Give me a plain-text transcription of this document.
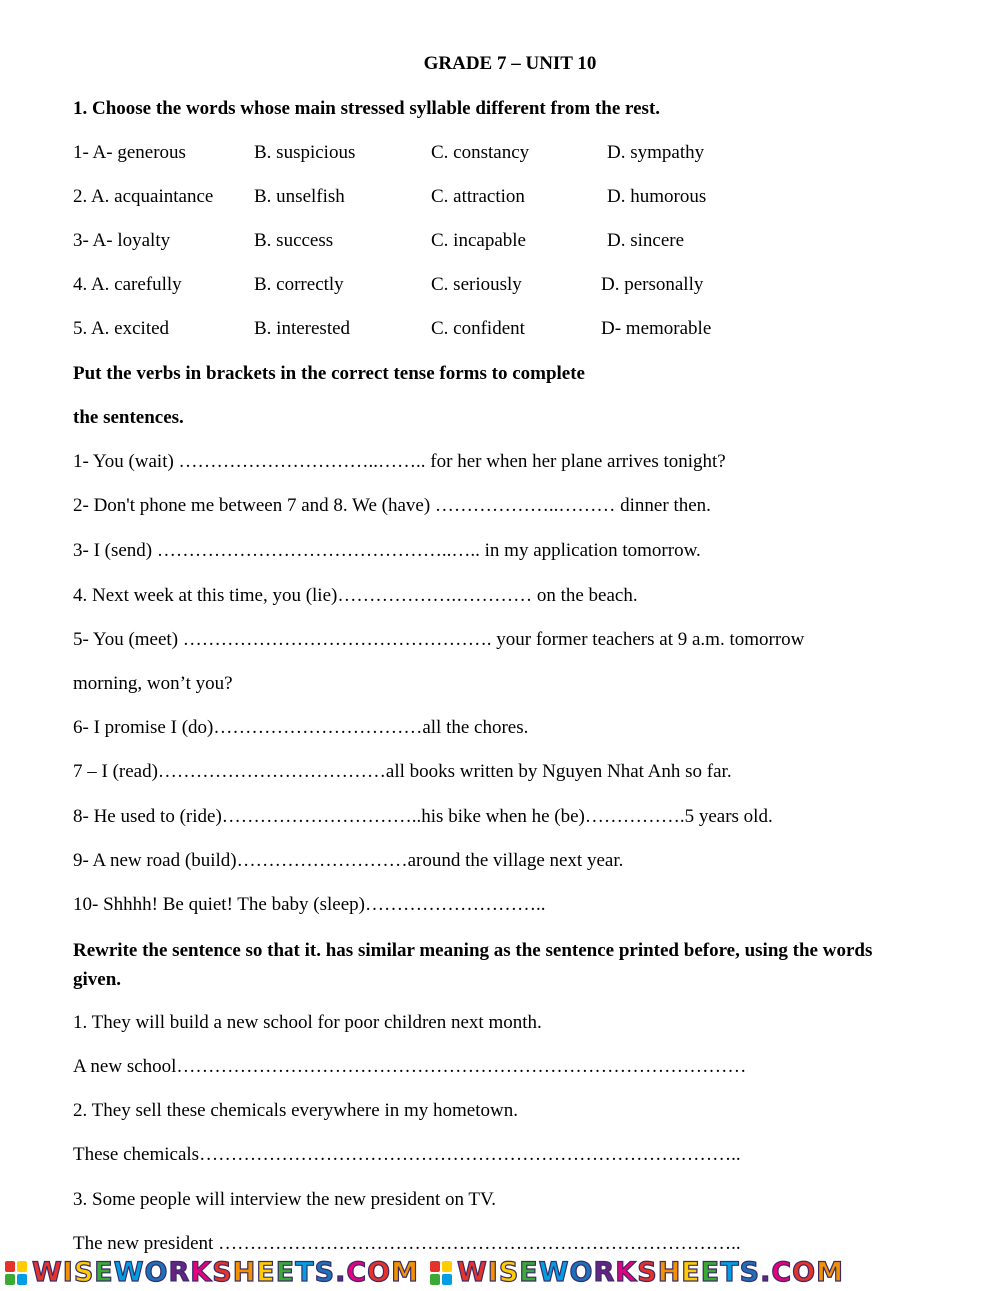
GRADE 7 – UNIT 10
1. Choose the words whose main stressed syllable different from the rest.
1- A- generous	B. suspicious	C. constancy	D. sympathy
2. A. acquaintance B. unselfish	C. attraction	D. humorous
3- A- loyalty	B. success	C. incapable	D. sincere
4. A. carefully	B. correctly	C. seriously	D. personally
5. A. excited	B. interested	C. confident	D- memorable
Put the verbs in brackets in the correct tense forms to complete
the sentences.
1- You (wait) …………………………..…….. for her when her plane arrives tonight?
2- Don't phone me between 7 and 8. We (have) ………………..……… dinner then.
3- I (send) ………………………………………..….. in my application tomorrow.
4. Next week at this time, you (lie)……………….………… on the beach.
5- You (meet) …………………………………………. your former teachers at 9 a.m. tomorrow
morning, won’t you?
6- I promise I (do)……………………………all the chores.
7 – I (read)………………………………all books written by Nguyen Nhat Anh so far.
8- He used to (ride)…………………………..his bike when he (be)…………….5 years old.
9- A new road (build)………………………around the village next year.
10- Shhhh! Be quiet! The baby (sleep)………………………..
Rewrite the sentence so that it. has similar meaning as the sentence printed before, using the words given.
1. They will build a new school for poor children next month.
A new school………………………………………………………………………………
2. They sell these chemicals everywhere in my hometown.
These chemicals…………………………………………………………………………..
3. Some people will interview the new president on TV.
The new president ………………………………………………………………………..
WISEWORKSHEETS.COM WISEWORKSHEETS.COM
